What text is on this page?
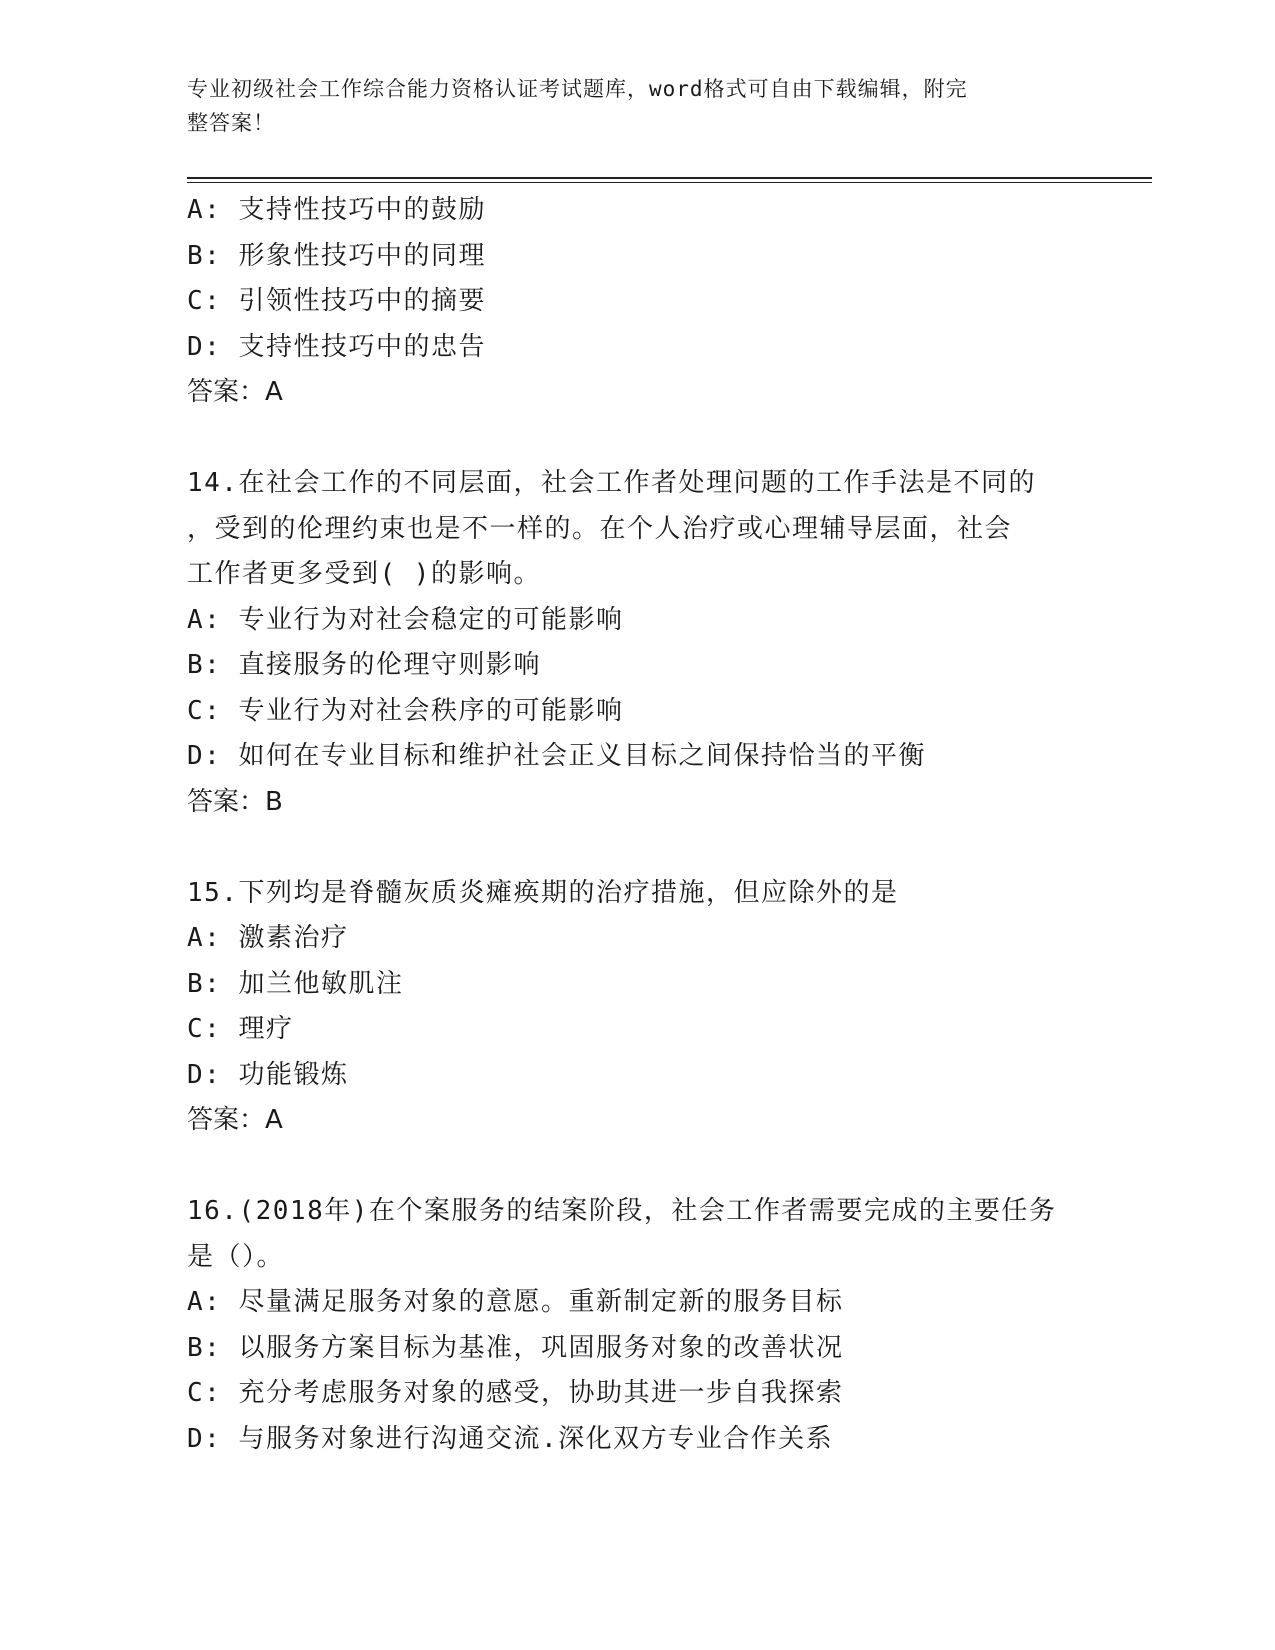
专业初级社会工作综合能力资格认证考试题库，word格式可自由下载编辑，附完
整答案！
A: 支持性技巧中的鼓励
B: 形象性技巧中的同理
C: 引领性技巧中的摘要
D: 支持性技巧中的忠告
答案：A
14.在社会工作的不同层面，社会工作者处理问题的工作手法是不同的
，受到的伦理约束也是不一样的。在个人治疗或心理辅导层面，社会
工作者更多受到( )的影响。
A: 专业行为对社会稳定的可能影响
B: 直接服务的伦理守则影响
C: 专业行为对社会秩序的可能影响
D: 如何在专业目标和维护社会正义目标之间保持恰当的平衡
答案：B
15.下列均是脊髓灰质炎瘫痪期的治疗措施，但应除外的是
A: 激素治疗
B: 加兰他敏肌注
C: 理疗
D: 功能锻炼
答案：A
16.(2018年)在个案服务的结案阶段，社会工作者需要完成的主要任务
是（）。
A: 尽量满足服务对象的意愿。重新制定新的服务目标
B: 以服务方案目标为基准，巩固服务对象的改善状况
C: 充分考虑服务对象的感受，协助其进一步自我探索
D: 与服务对象进行沟通交流.深化双方专业合作关系
